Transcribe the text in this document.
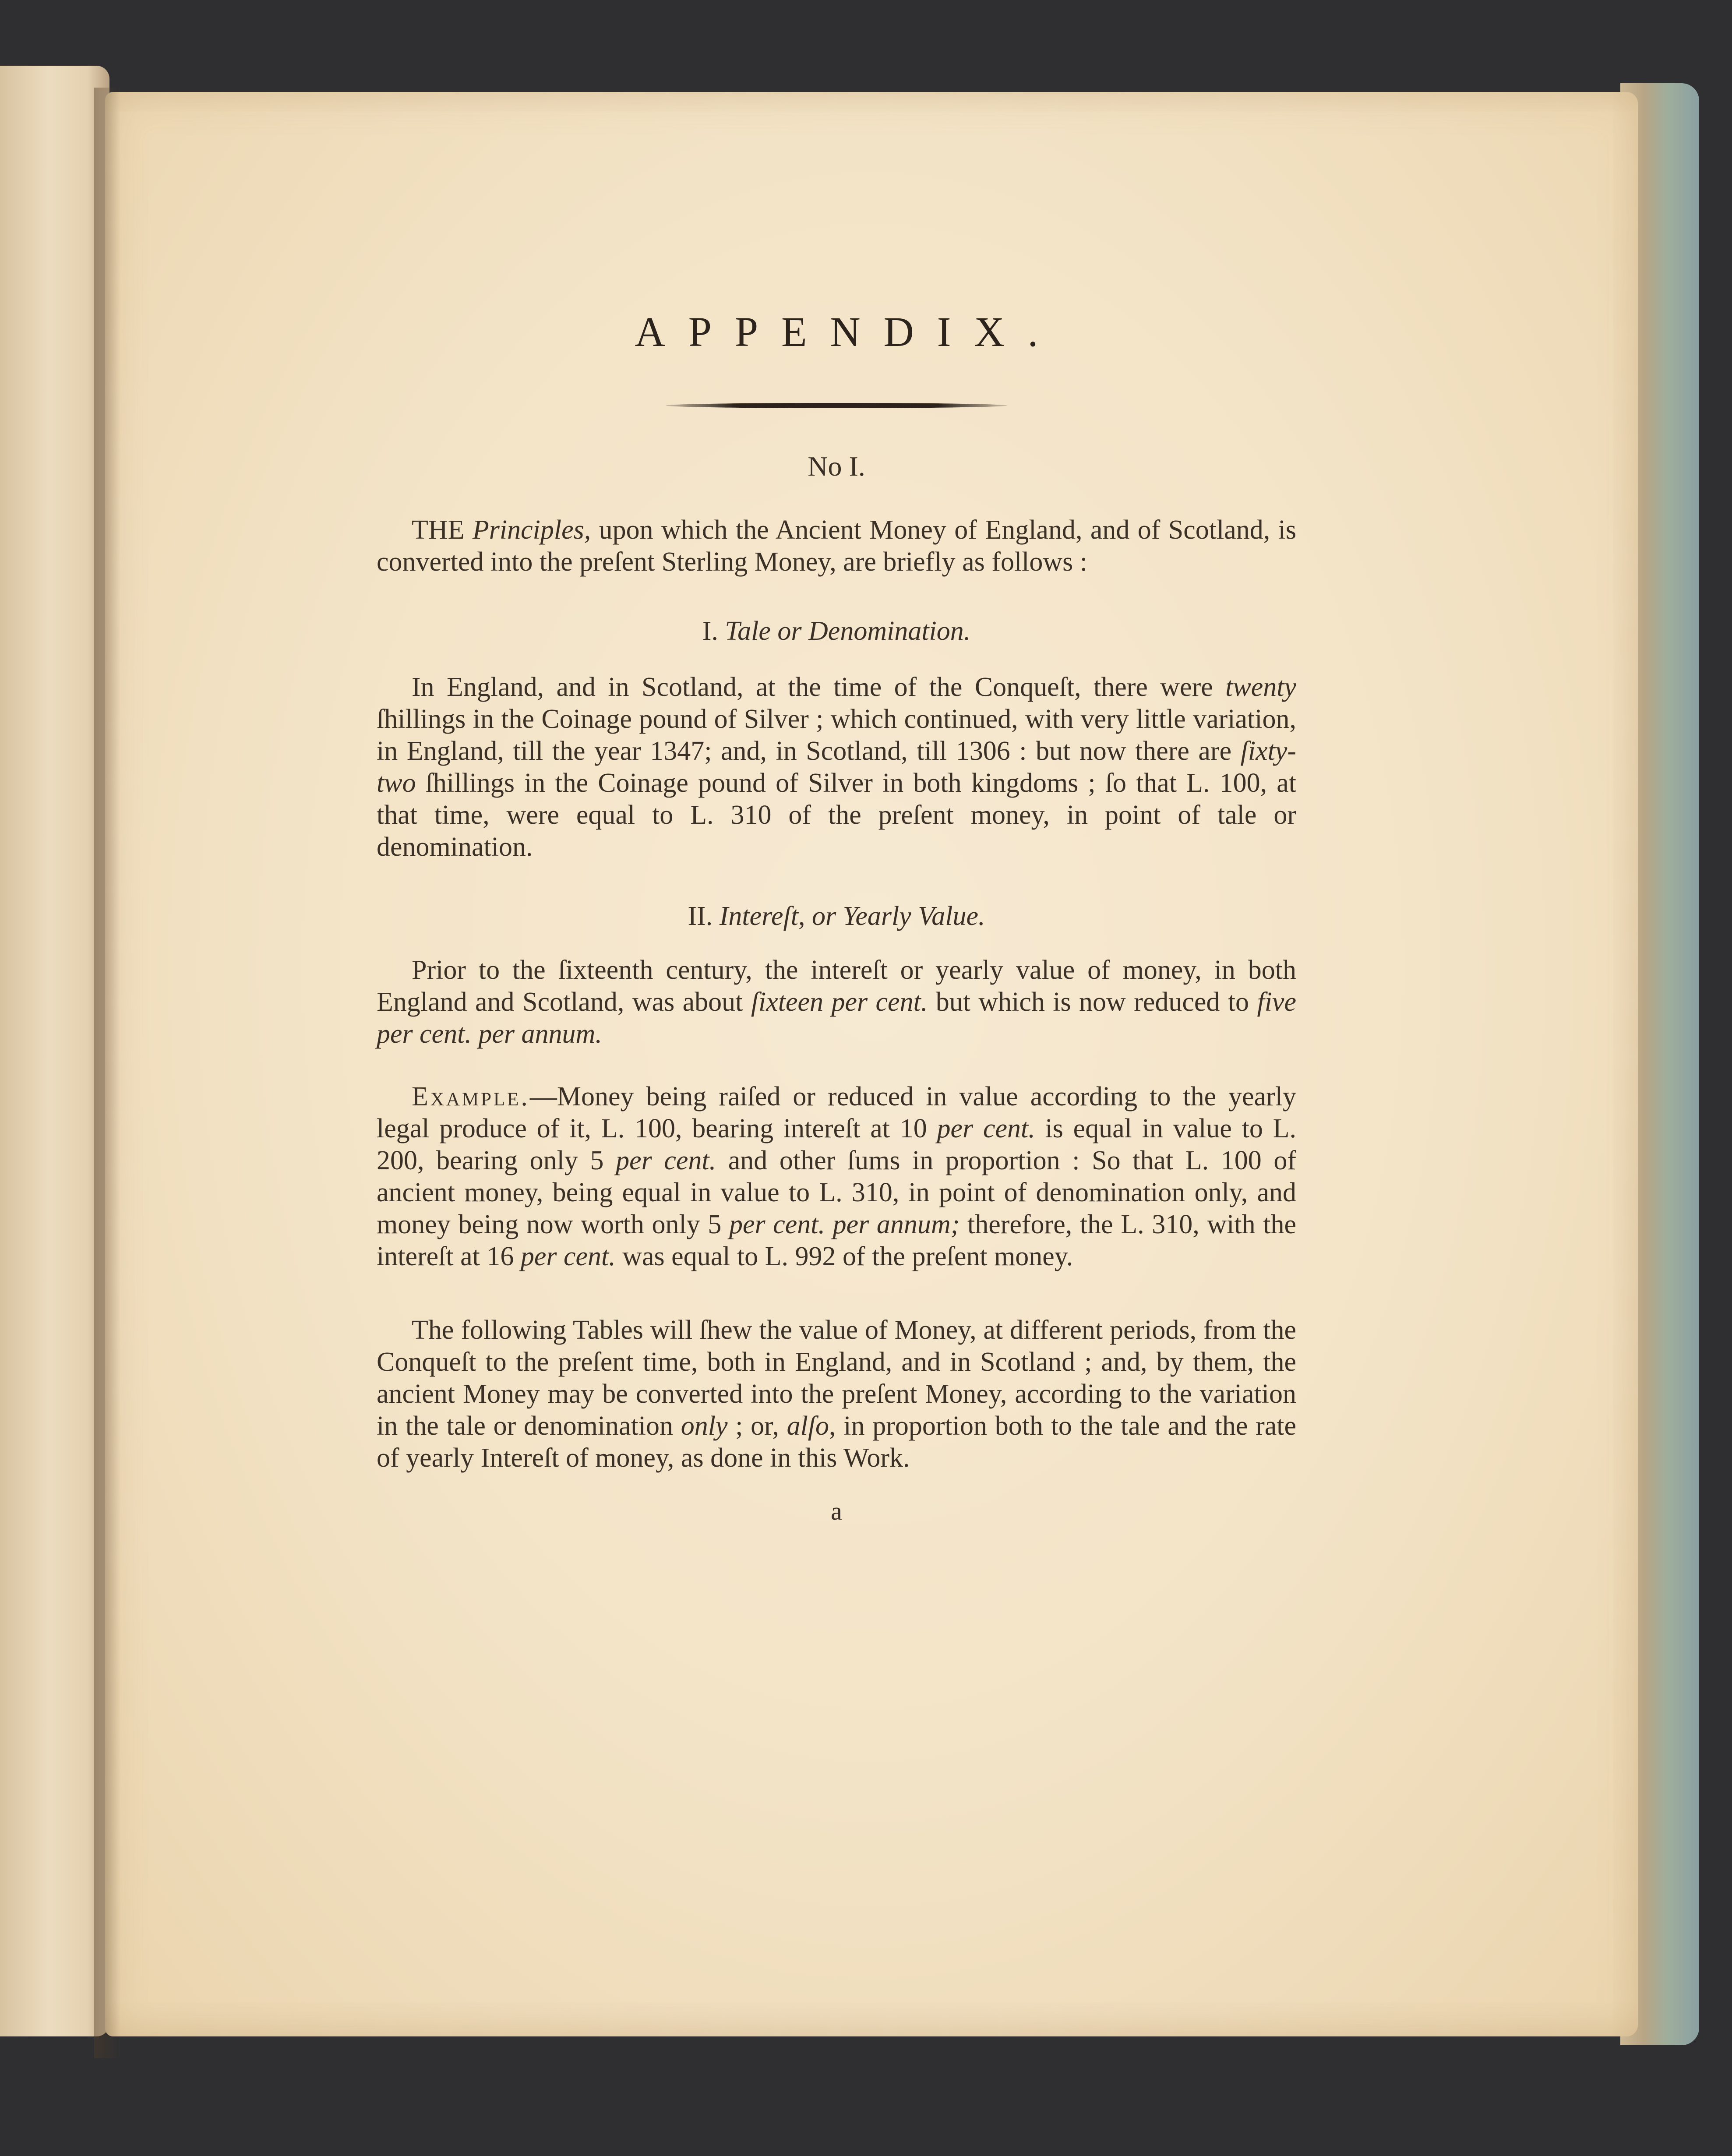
APPENDIX.

No I.

THE Principles, upon which the Ancient Money of England, and of Scotland, is converted into the preſent Sterling Money, are briefly as follows :

I. Tale or Denomination.

In England, and in Scotland, at the time of the Conqueſt, there were twenty ſhillings in the Coinage pound of Silver ; which continued, with very little variation, in England, till the year 1347; and, in Scotland, till 1306 : but now there are ſixty-two ſhillings in the Coinage pound of Silver in both kingdoms ; ſo that L. 100, at that time, were equal to L. 310 of the preſent money, in point of tale or denomination.

II. Intereſt, or Yearly Value.

Prior to the ſixteenth century, the intereſt or yearly value of money, in both England and Scotland, was about ſixteen per cent. but which is now reduced to five per cent. per annum.

Example.—Money being raiſed or reduced in value according to the yearly legal produce of it, L. 100, bearing intereſt at 10 per cent. is equal in value to L. 200, bearing only 5 per cent. and other ſums in proportion : So that L. 100 of ancient money, being equal in value to L. 310, in point of denomination only, and money being now worth only 5 per cent. per annum; therefore, the L. 310, with the intereſt at 16 per cent. was equal to L. 992 of the preſent money.

The following Tables will ſhew the value of Money, at different periods, from the Conqueſt to the preſent time, both in England, and in Scotland ; and, by them, the ancient Money may be converted into the preſent Money, according to the variation in the tale or denomination only ; or, alſo, in proportion both to the tale and the rate of yearly Intereſt of money, as done in this Work.

a
